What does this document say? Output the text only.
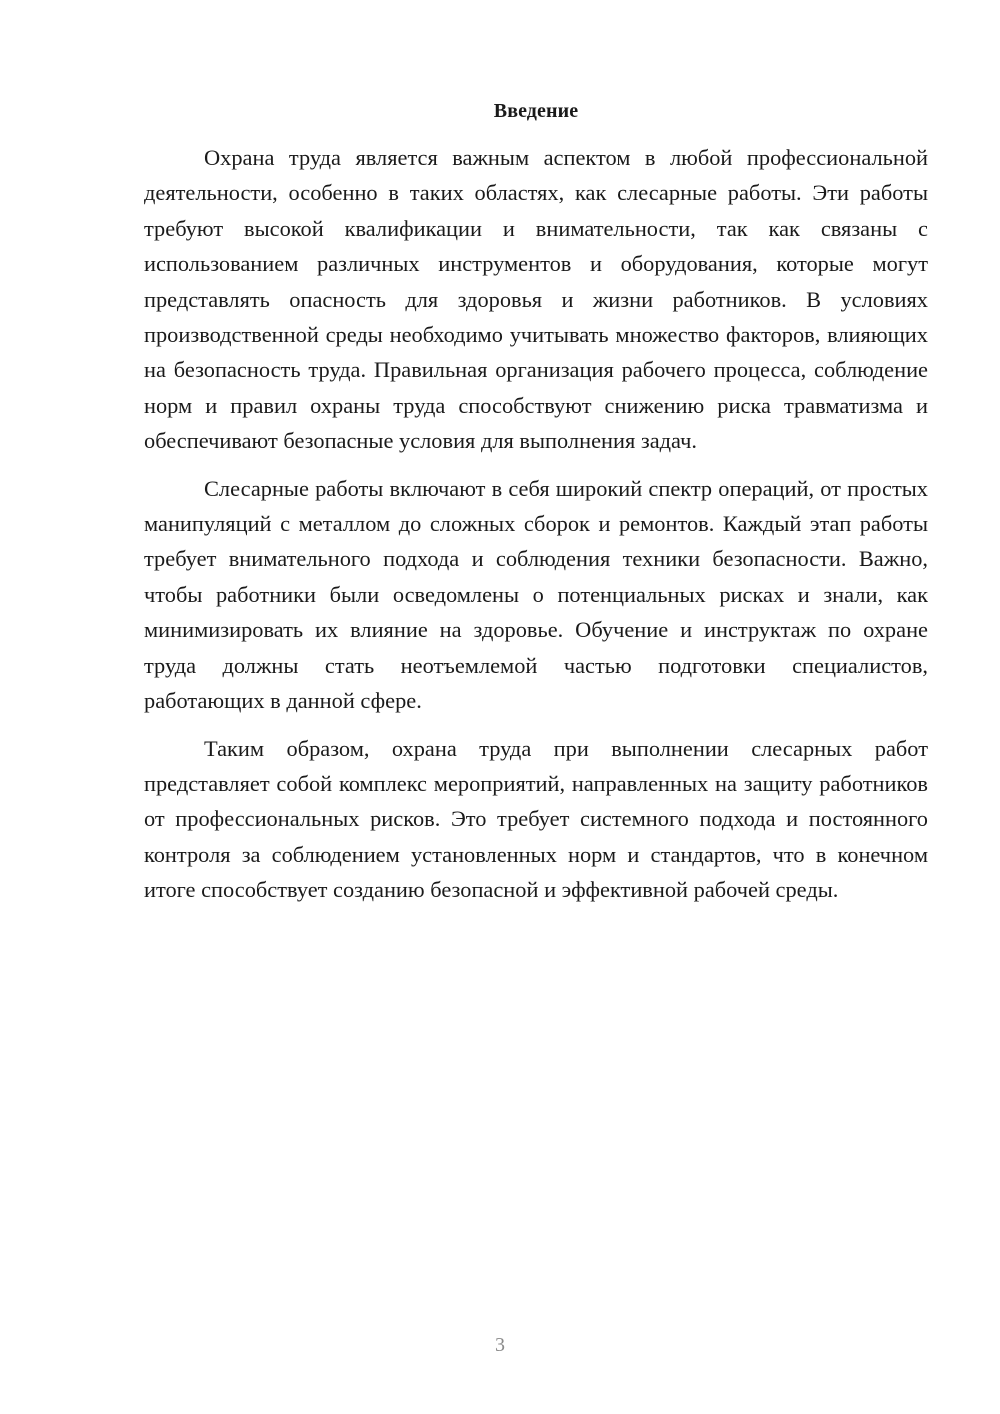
Введение

Охрана труда является важным аспектом в любой профессиональной деятельности, особенно в таких областях, как слесарные работы. Эти работы требуют высокой квалификации и внимательности, так как связаны с использованием различных инструментов и оборудования, которые могут представлять опасность для здоровья и жизни работников. В условиях производственной среды необходимо учитывать множество факторов, влияющих на безопасность труда. Правильная организация рабочего процесса, соблюдение норм и правил охраны труда способствуют снижению риска травматизма и обеспечивают безопасные условия для выполнения задач.

Слесарные работы включают в себя широкий спектр операций, от простых манипуляций с металлом до сложных сборок и ремонтов. Каждый этап работы требует внимательного подхода и соблюдения техники безопасности. Важно, чтобы работники были осведомлены о потенциальных рисках и знали, как минимизировать их влияние на здоровье. Обучение и инструктаж по охране труда должны стать неотъемлемой частью подготовки специалистов, работающих в данной сфере.

Таким образом, охрана труда при выполнении слесарных работ представляет собой комплекс мероприятий, направленных на защиту работников от профессиональных рисков. Это требует системного подхода и постоянного контроля за соблюдением установленных норм и стандартов, что в конечном итоге способствует созданию безопасной и эффективной рабочей среды.

3
